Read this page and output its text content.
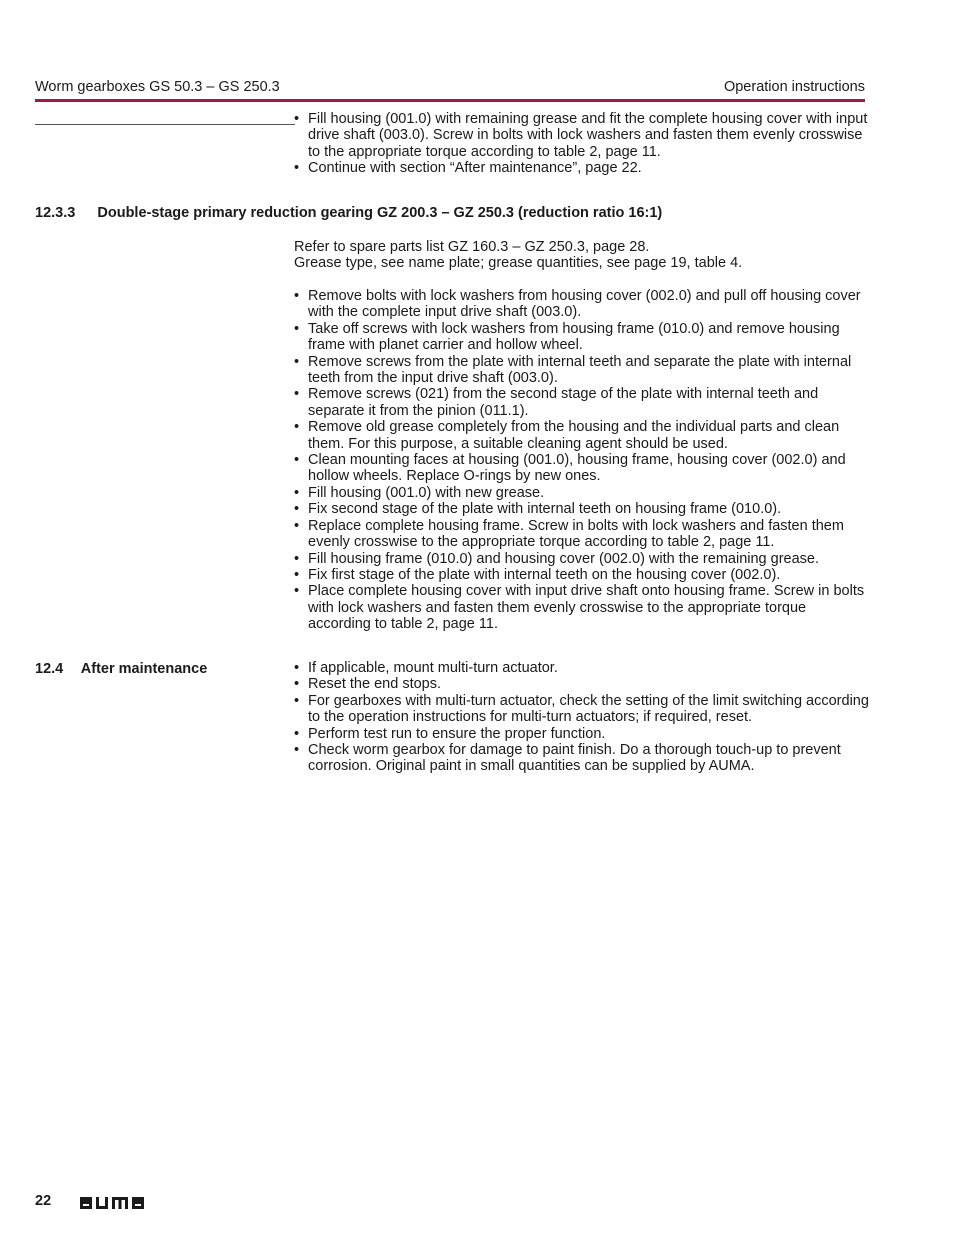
Worm gearboxes GS 50.3 – GS 250.3	Operation instructions
• Fill housing (001.0) with remaining grease and fit the complete housing cover with input drive shaft (003.0). Screw in bolts with lock washers and fasten them evenly crosswise to the appropriate torque according to table 2, page 11.
• Continue with section “After maintenance”, page 22.
12.3.3 Double-stage primary reduction gearing GZ 200.3 – GZ 250.3 (reduction ratio 16:1)
Refer to spare parts list GZ 160.3 – GZ 250.3, page 28.
Grease type, see name plate; grease quantities, see page 19, table 4.
• Remove bolts with lock washers from housing cover (002.0) and pull off housing cover with the complete input drive shaft (003.0).
• Take off screws with lock washers from housing frame (010.0) and remove housing frame with planet carrier and hollow wheel.
• Remove screws from the plate with internal teeth and separate the plate with internal teeth from the input drive shaft (003.0).
• Remove screws (021) from the second stage of the plate with internal teeth and separate it from the pinion (011.1).
• Remove old grease completely from the housing and the individual parts and clean them. For this purpose, a suitable cleaning agent should be used.
• Clean mounting faces at housing (001.0), housing frame, housing cover (002.0) and hollow wheels. Replace O-rings by new ones.
• Fill housing (001.0) with new grease.
• Fix second stage of the plate with internal teeth on housing frame (010.0).
• Replace complete housing frame. Screw in bolts with lock washers and fasten them evenly crosswise to the appropriate torque according to table 2, page 11.
• Fill housing frame (010.0) and housing cover (002.0) with the remaining grease.
• Fix first stage of the plate with internal teeth on the housing cover (002.0).
• Place complete housing cover with input drive shaft onto housing frame. Screw in bolts with lock washers and fasten them evenly crosswise to the appropriate torque according to table 2, page 11.
12.4 After maintenance	• If applicable, mount multi-turn actuator.
• Reset the end stops.
• For gearboxes with multi-turn actuator, check the setting of the limit switching according to the operation instructions for multi-turn actuators; if required, reset.
• Perform test run to ensure the proper function.
• Check worm gearbox for damage to paint finish. Do a thorough touch-up to prevent corrosion. Original paint in small quantities can be supplied by AUMA.
22
